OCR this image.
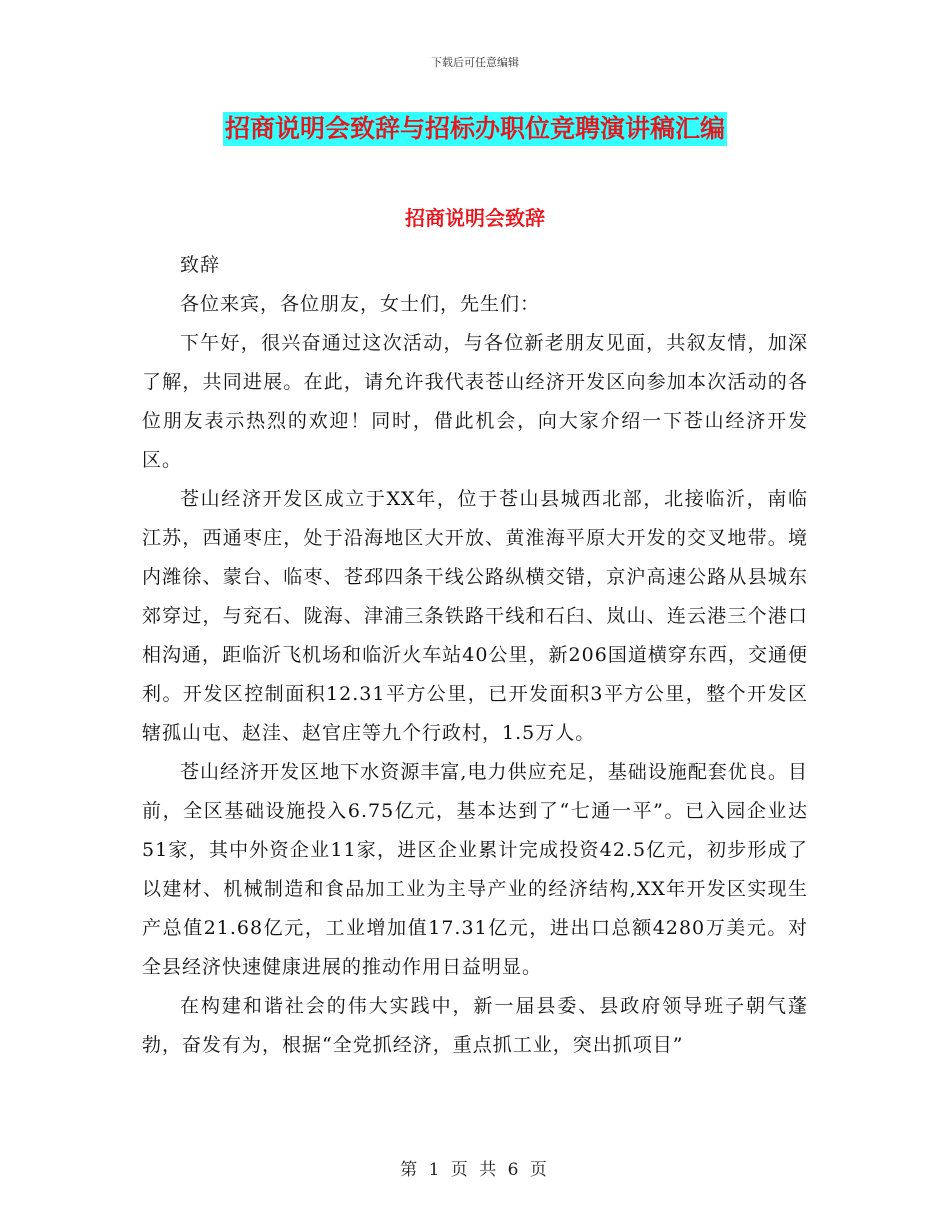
下载后可任意编辑
招商说明会致辞与招标办职位竞聘演讲稿汇编
招商说明会致辞

致辞

各位来宾，各位朋友，女士们，先生们：

下午好，很兴奋通过这次活动，与各位新老朋友见面，共叙友情，加深了解，共同进展。在此，请允许我代表苍山经济开发区向参加本次活动的各位朋友表示热烈的欢迎！同时，借此机会，向大家介绍一下苍山经济开发区。

苍山经济开发区成立于XX年，位于苍山县城西北部，北接临沂，南临江苏，西通枣庄，处于沿海地区大开放、黄淮海平原大开发的交叉地带。境内潍徐、蒙台、临枣、苍邳四条干线公路纵横交错，京沪高速公路从县城东郊穿过，与兖石、陇海、津浦三条铁路干线和石臼、岚山、连云港三个港口相沟通，距临沂飞机场和临沂火车站40公里，新206国道横穿东西，交通便利。开发区控制面积12.31平方公里，已开发面积3平方公里，整个开发区辖孤山屯、赵洼、赵官庄等九个行政村，1.5万人。

苍山经济开发区地下水资源丰富,电力供应充足，基础设施配套优良。目前，全区基础设施投入6.75亿元，基本达到了“七通一平”。已入园企业达51家，其中外资企业11家，进区企业累计完成投资42.5亿元，初步形成了以建材、机械制造和食品加工业为主导产业的经济结构,XX年开发区实现生产总值21.68亿元，工业增加值17.31亿元，进出口总额4280万美元。对全县经济快速健康进展的推动作用日益明显。

在构建和谐社会的伟大实践中，新一届县委、县政府领导班子朝气蓬勃，奋发有为，根据“全党抓经济，重点抓工业，突出抓项目”

第 1 页 共 6 页
